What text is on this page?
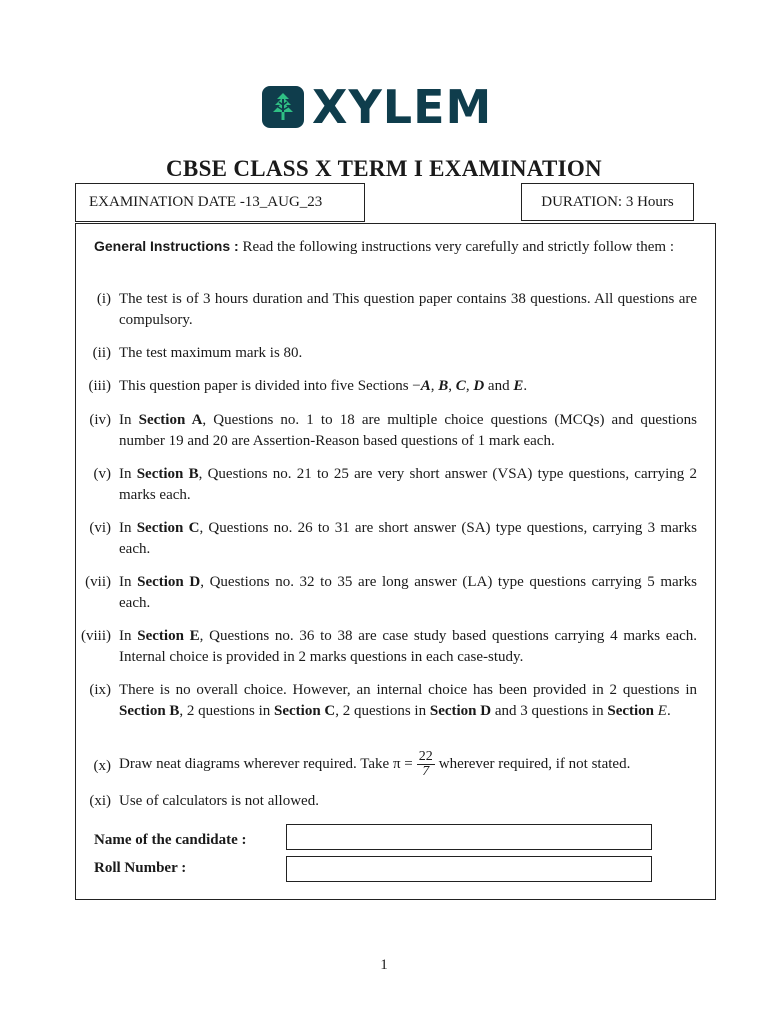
XYLEM
CBSE CLASS X TERM I EXAMINATION
EXAMINATION DATE -13_AUG_23	DURATION: 3 Hours
General Instructions : Read the following instructions very carefully and strictly follow them :
(i) The test is of 3 hours duration and This question paper contains 38 questions. All questions are compulsory.
(ii) The test maximum mark is 80.
(iii) This question paper is divided into five Sections −A, B, C, D and E.
(iv) In Section A, Questions no. 1 to 18 are multiple choice questions (MCQs) and questions number 19 and 20 are Assertion-Reason based questions of 1 mark each.
(v) In Section B, Questions no. 21 to 25 are very short answer (VSA) type questions, carrying 2 marks each.
(vi) In Section C, Questions no. 26 to 31 are short answer (SA) type questions, carrying 3 marks each.
(vii) In Section D, Questions no. 32 to 35 are long answer (LA) type questions carrying 5 marks each.
(viii) In Section E, Questions no. 36 to 38 are case study based questions carrying 4 marks each. Internal choice is provided in 2 marks questions in each case-study.
(ix) There is no overall choice. However, an internal choice has been provided in 2 questions in Section B, 2 questions in Section C, 2 questions in Section D and 3 questions in Section E.
(x) Draw neat diagrams wherever required. Take $\pi = \frac{22}{7}$ wherever required, if not stated.
(xi) Use of calculators is not allowed.
Name of the candidate :
Roll Number :
1
